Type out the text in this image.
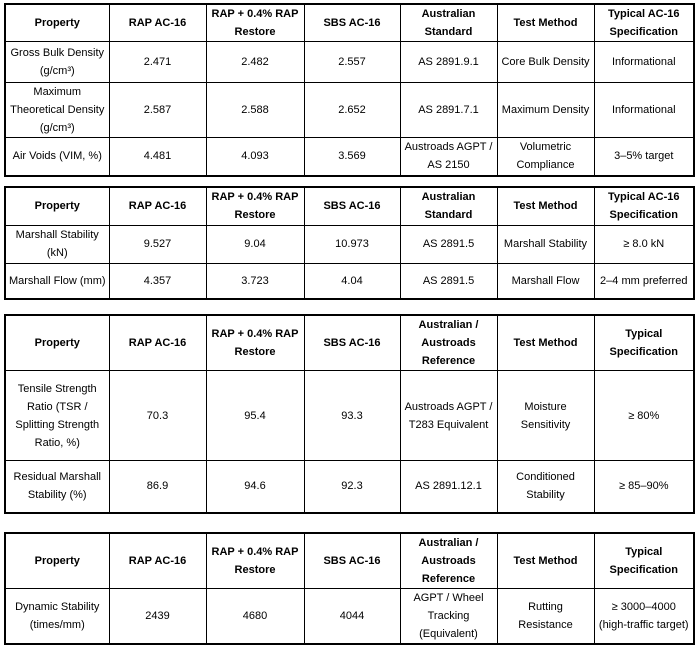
Property	RAP AC-16	RAP + 0.4% RAP Restore	SBS AC-16	Australian Standard	Test Method	Typical AC-16 Specification
Gross Bulk Density (g/cm³)	2.471	2.482	2.557	AS 2891.9.1	Core Bulk Density	Informational
Maximum Theoretical Density (g/cm³)	2.587	2.588	2.652	AS 2891.7.1	Maximum Density	Informational
Air Voids (VIM, %)	4.481	4.093	3.569	Austroads AGPT / AS 2150	Volumetric Compliance	3–5% target
Property	RAP AC-16	RAP + 0.4% RAP Restore	SBS AC-16	Australian Standard	Test Method	Typical AC-16 Specification
Marshall Stability (kN)	9.527	9.04	10.973	AS 2891.5	Marshall Stability	≥ 8.0 kN
Marshall Flow (mm)	4.357	3.723	4.04	AS 2891.5	Marshall Flow	2–4 mm preferred
Property	RAP AC-16	RAP + 0.4% RAP Restore	SBS AC-16	Australian / Austroads Reference	Test Method	Typical Specification
Tensile Strength Ratio (TSR / Splitting Strength Ratio, %)	70.3	95.4	93.3	Austroads AGPT / T283 Equivalent	Moisture Sensitivity	≥ 80%
Residual Marshall Stability (%)	86.9	94.6	92.3	AS 2891.12.1	Conditioned Stability	≥ 85–90%
Property	RAP AC-16	RAP + 0.4% RAP Restore	SBS AC-16	Australian / Austroads Reference	Test Method	Typical Specification
Dynamic Stability (times/mm)	2439	4680	4044	AGPT / Wheel Tracking (Equivalent)	Rutting Resistance	≥ 3000–4000 (high-traffic target)
